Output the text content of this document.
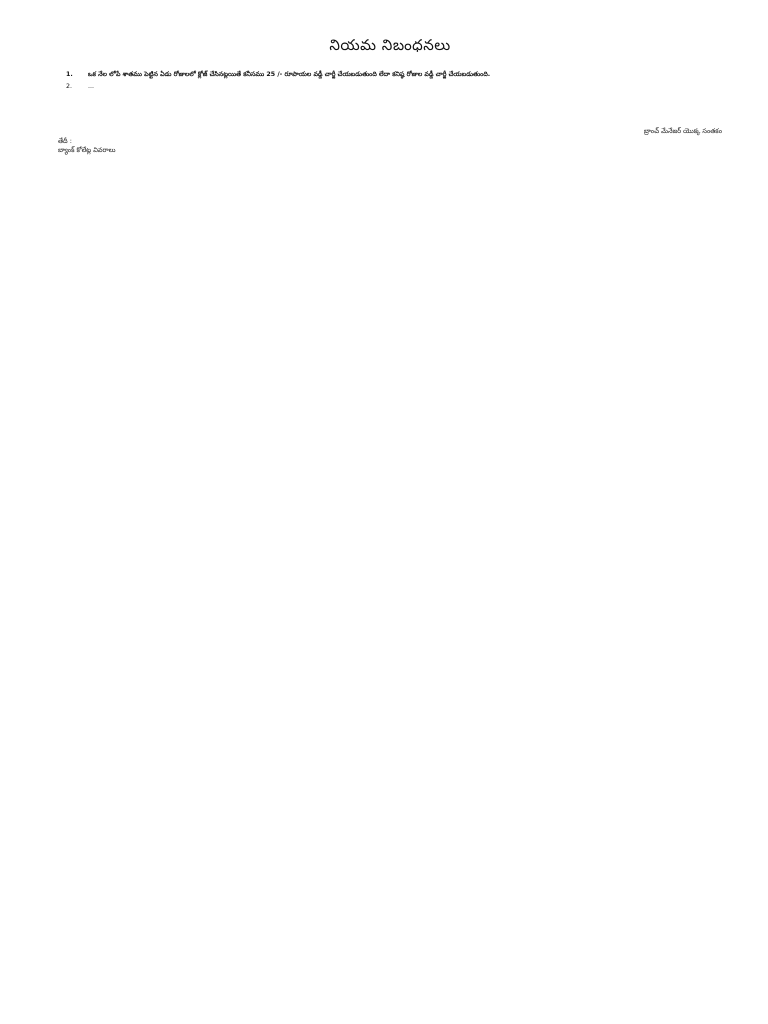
నియమ నిబంధనలు
1. ఒక నేల లోపే శాతము పెట్టిన ఏడు రోజులలో క్లోజ్ చేసినట్లయితే కనీసము 25 /- రూపాయల వడ్డీ చార్జీ చేయబడుతుంది లేదా కనిష్ఠ రోజుల వడ్డీ చార్జీ చేయబడుతుంది.
2.	...
బ్రాంచ్ మేనేజర్ యొక్క సంతకం
తేదీ :
బ్యాంక్ కోలేట్ల వివరాలు
